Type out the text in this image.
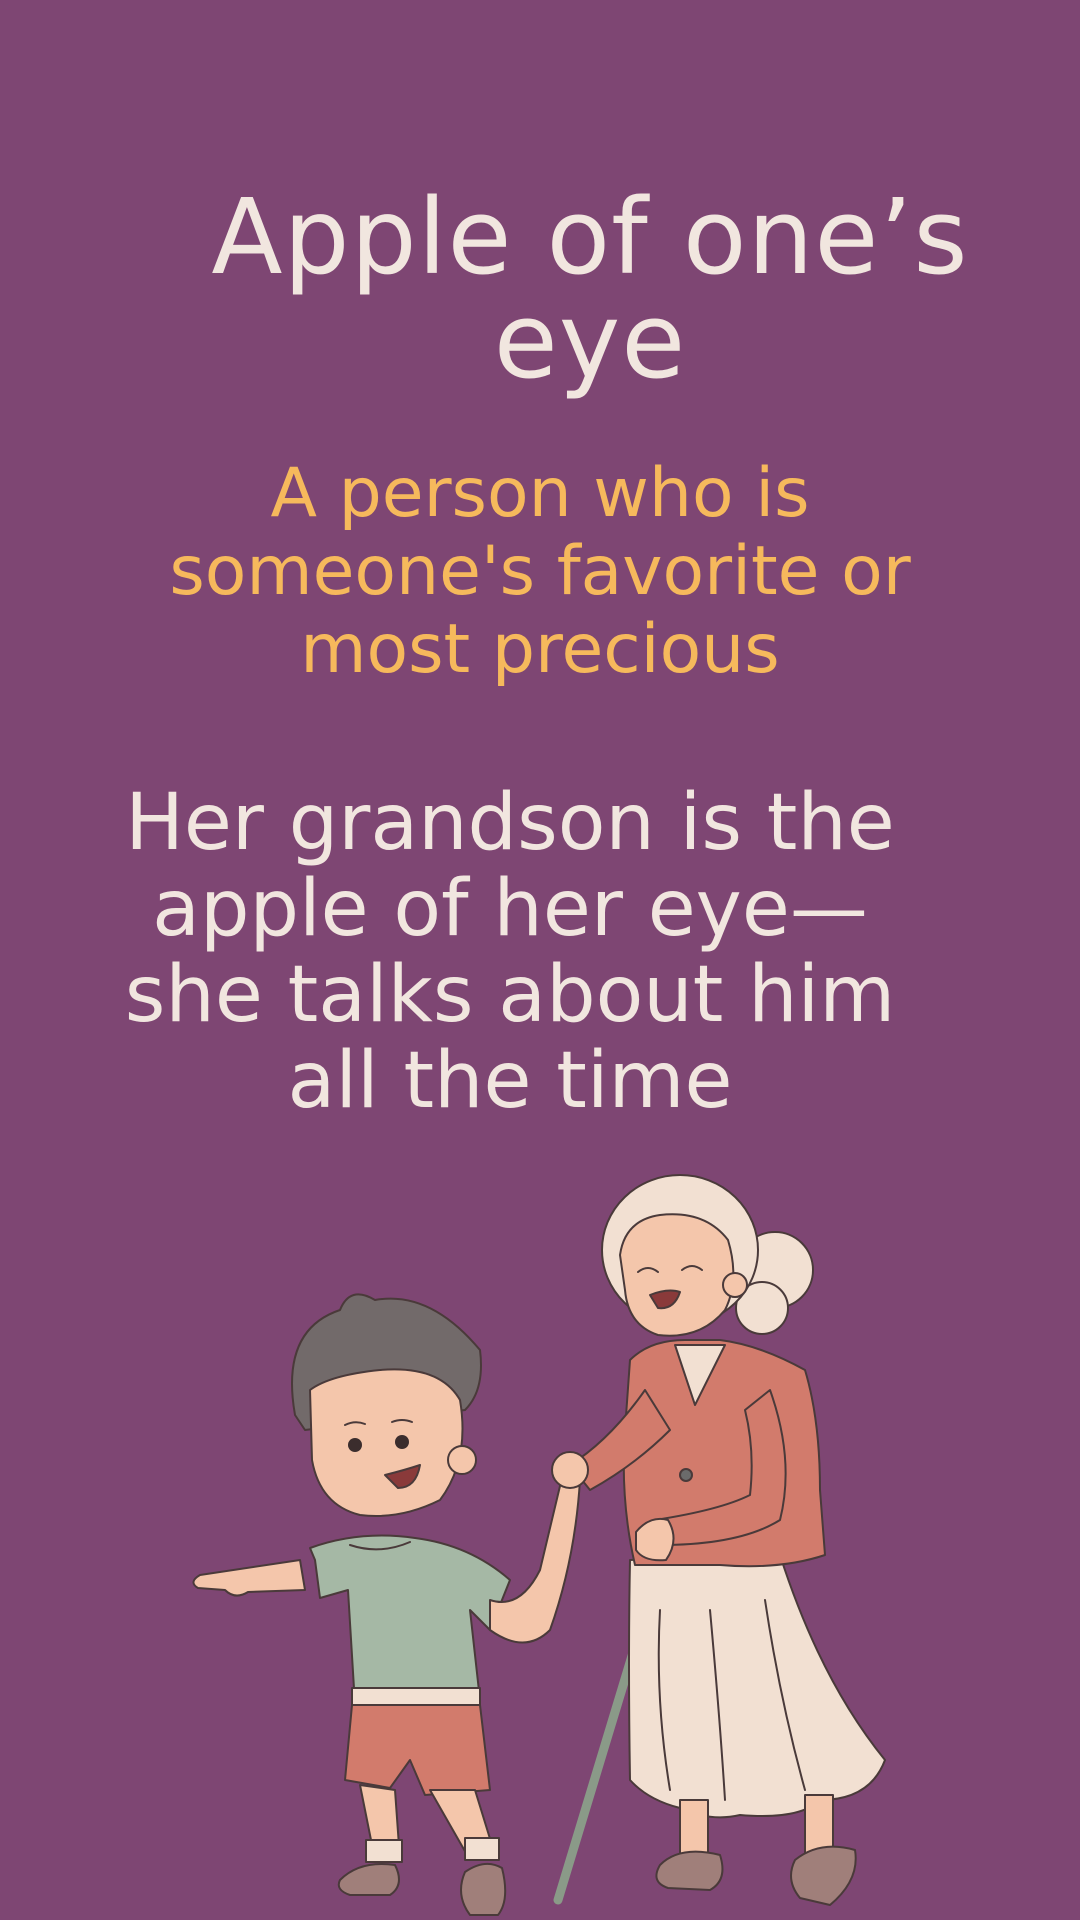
Apple of one’s eye

A person who is someone's favorite or most precious

Her grandson is the apple of her eye—she talks about him all the time
